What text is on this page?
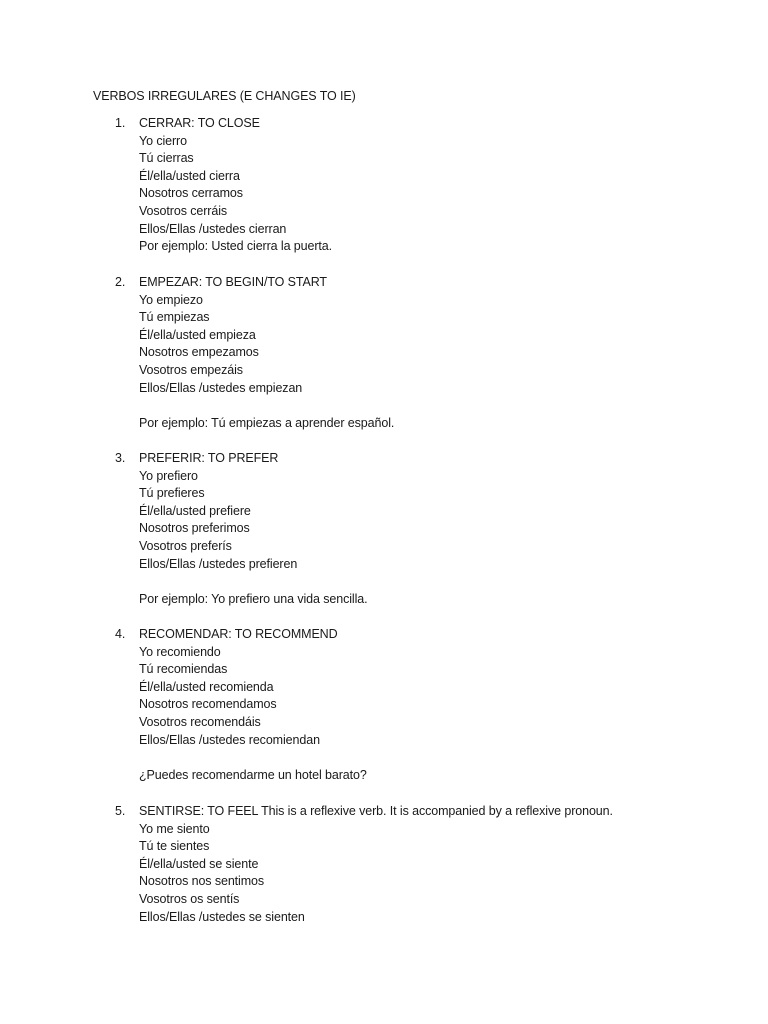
VERBOS IRREGULARES (E CHANGES TO IE)
1. CERRAR: TO CLOSE
Yo cierro
Tú cierras
Él/ella/usted cierra
Nosotros cerramos
Vosotros cerráis
Ellos/Ellas /ustedes cierran
Por ejemplo: Usted cierra la puerta.
2. EMPEZAR: TO BEGIN/TO START
Yo empiezo
Tú empiezas
Él/ella/usted empieza
Nosotros empezamos
Vosotros empezáis
Ellos/Ellas /ustedes empiezan
Por ejemplo: Tú empiezas a aprender español.
3. PREFERIR: TO PREFER
Yo prefiero
Tú prefieres
Él/ella/usted prefiere
Nosotros preferimos
Vosotros preferís
Ellos/Ellas /ustedes prefieren
Por ejemplo: Yo prefiero una vida sencilla.
4. RECOMENDAR: TO RECOMMEND
Yo recomiendo
Tú recomiendas
Él/ella/usted recomienda
Nosotros recomendamos
Vosotros recomendáis
Ellos/Ellas /ustedes recomiendan
¿Puedes recomendarme un hotel barato?
5. SENTIRSE: TO FEEL This is a reflexive verb. It is accompanied by a reflexive pronoun.
Yo me siento
Tú te sientes
Él/ella/usted se siente
Nosotros nos sentimos
Vosotros os sentís
Ellos/Ellas /ustedes se sienten
